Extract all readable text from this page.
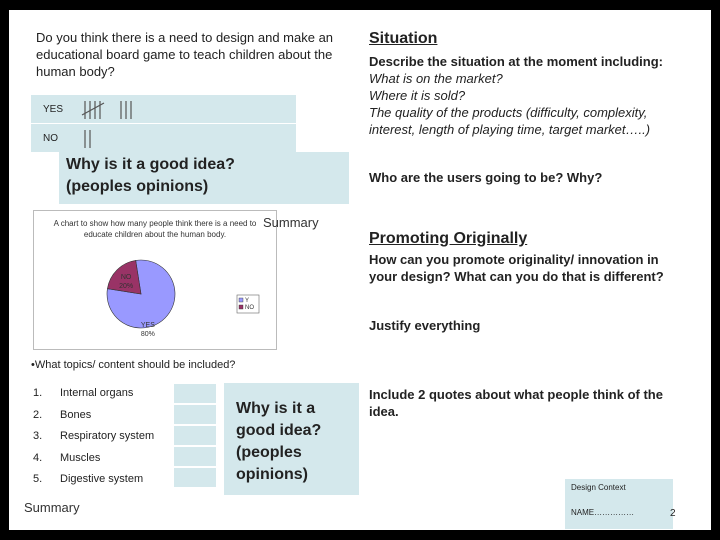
Do you think there is a need to design and make an educational board game to teach children about the human body?
YES
NO
Why is it a good idea?
(peoples opinions)
A chart to show how many people think there is a need to educate children about the human body.
YES 80%
NO 20%
Y
NO
Summary
•What topics/ content should be included?
1. Internal organs
2. Bones
3. Respiratory system
4. Muscles
5. Digestive system
Why is it a
good idea?
(peoples
opinions)
Summary
Situation
Describe the situation at the moment including:
What is on the market?
Where it is sold?
The quality of the products (difficulty, complexity, interest, length of playing time, target market…..)
Who are the users going to be? Why?
Promoting Originally
How can you promote originality/ innovation in your design? What can you do that is different?
Justify everything
Include 2 quotes about what people think of the idea.
Design Context
NAME……………	2
